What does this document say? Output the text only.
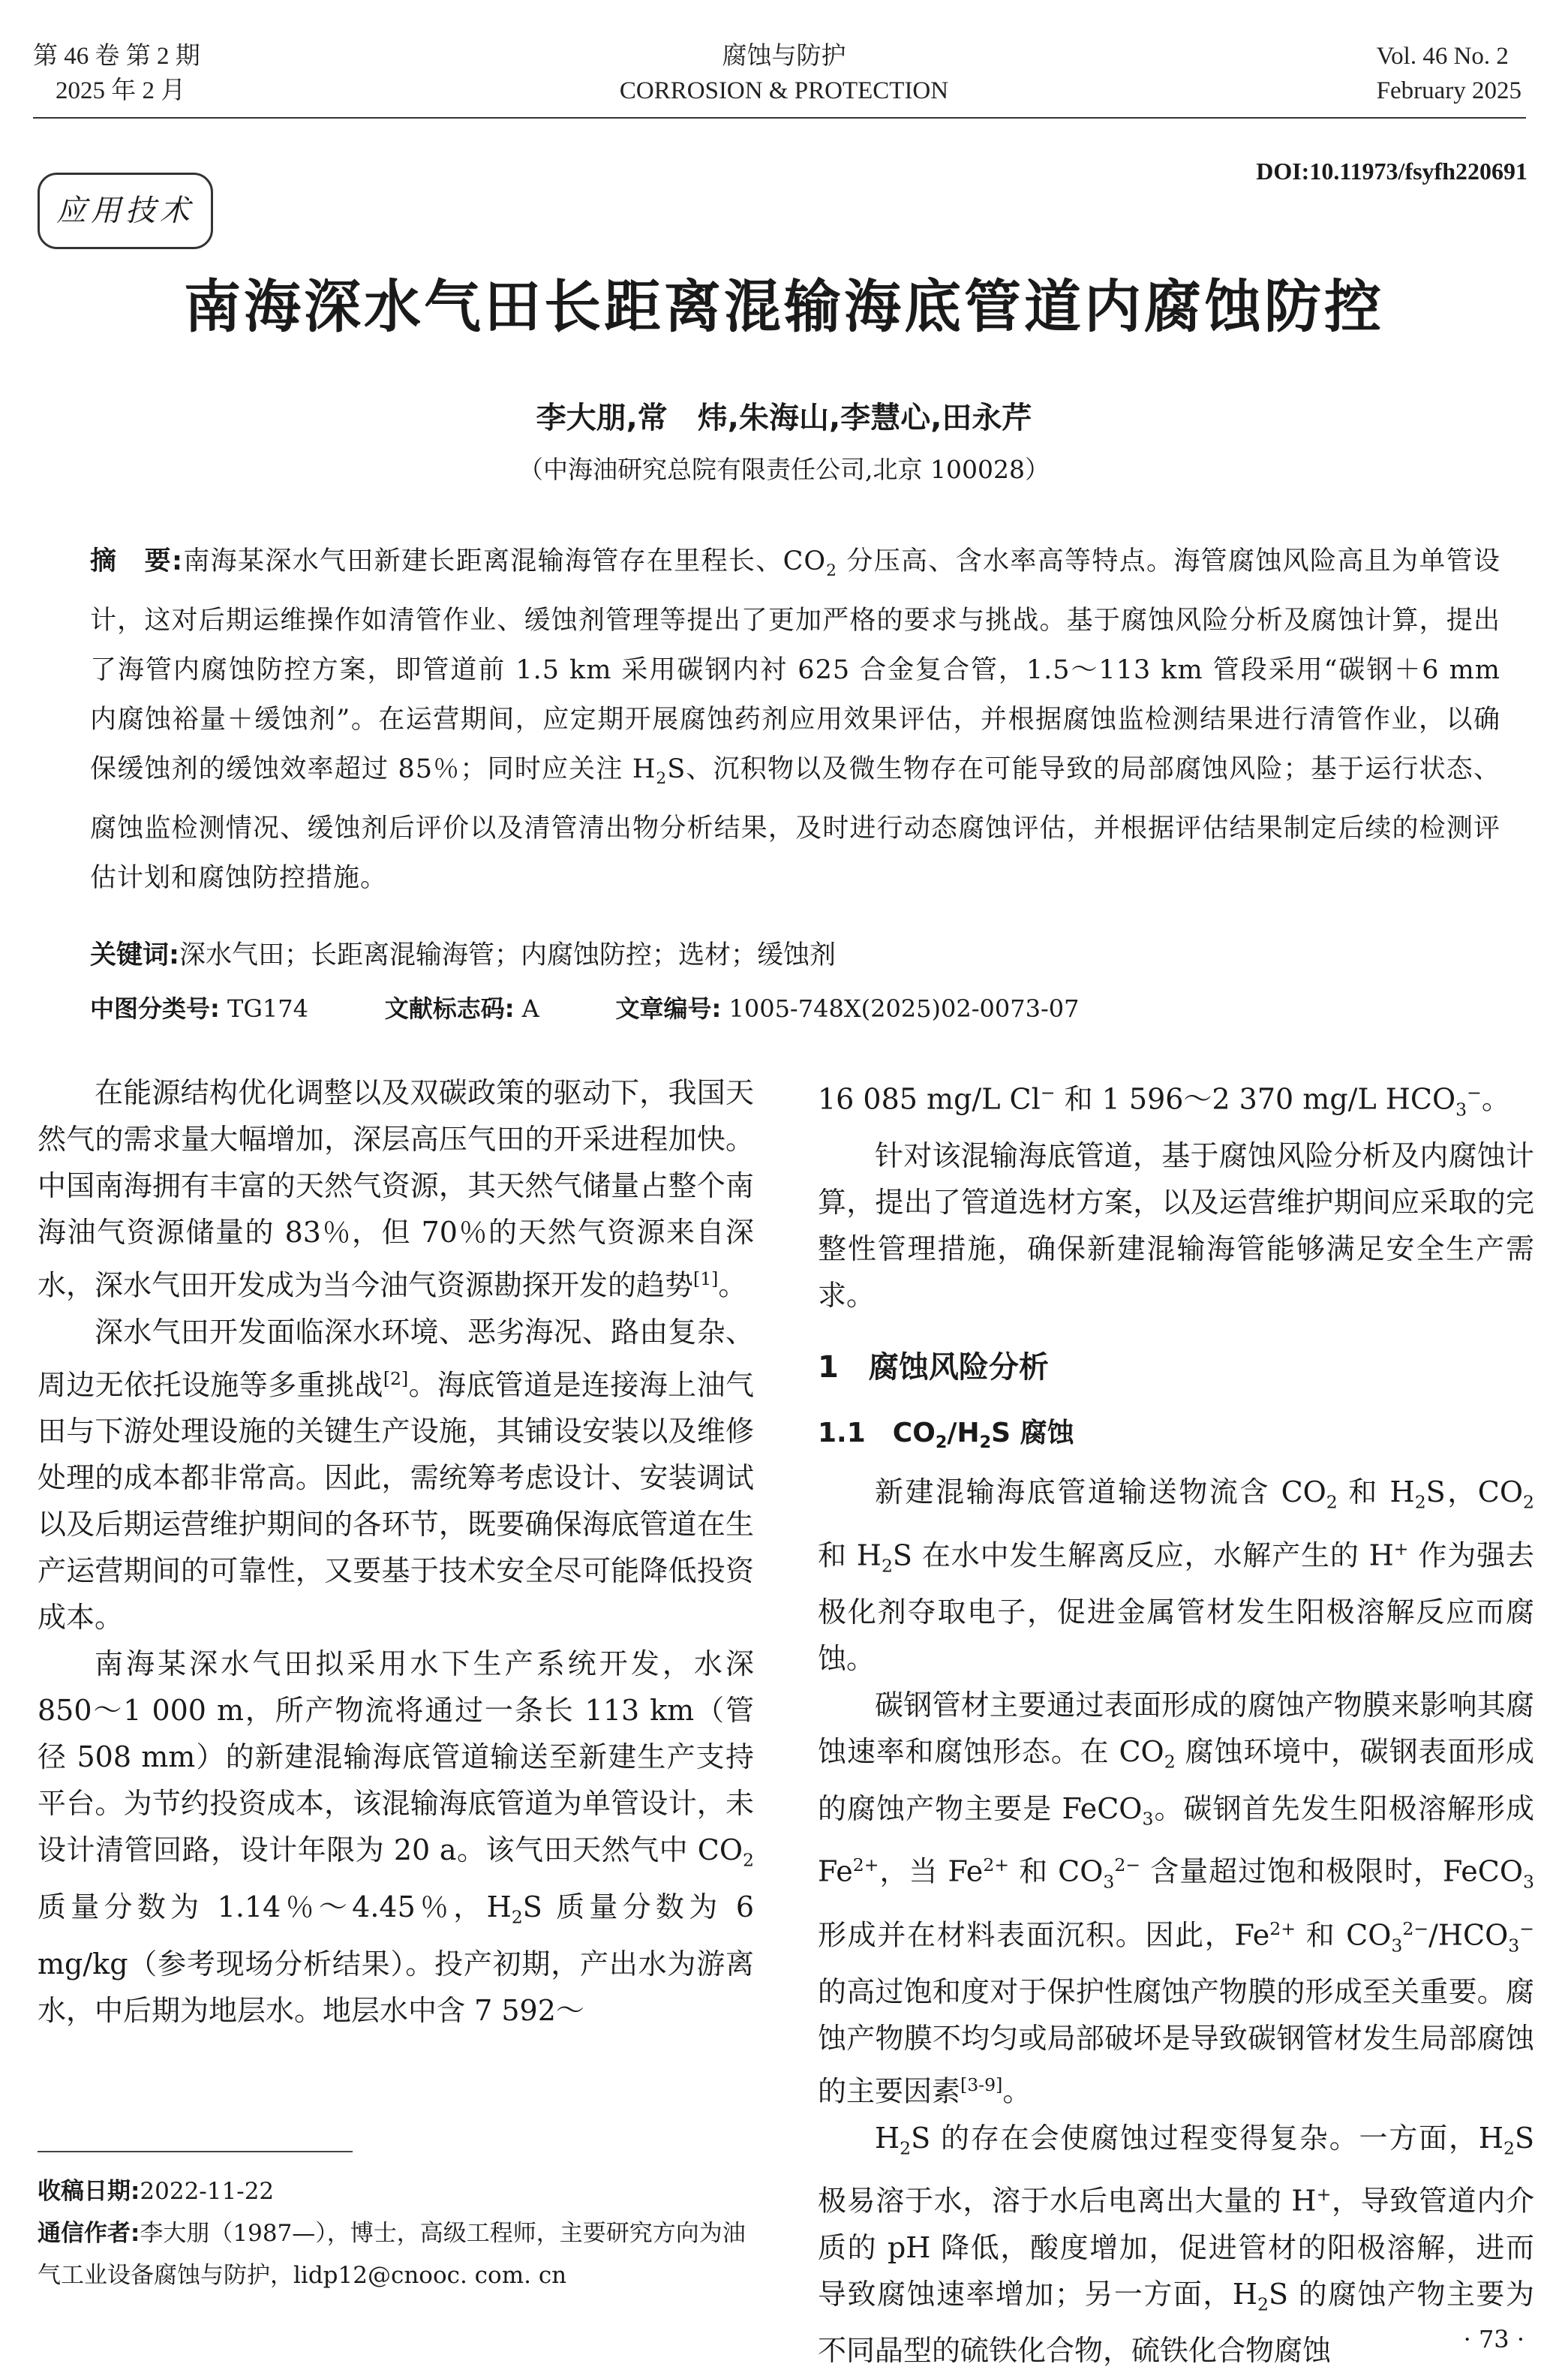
第 46 卷 第 2 期
2025 年 2 月
腐蚀与防护
CORROSION & PROTECTION
Vol. 46 No. 2
February 2025
DOI:10.11973/fsyfh220691
应用技术
南海深水气田长距离混输海底管道内腐蚀防控
李大朋,常　炜,朱海山,李慧心,田永芹
（中海油研究总院有限责任公司,北京 100028）
摘　要:南海某深水气田新建长距离混输海管存在里程长、$CO_2$ 分压高、含水率高等特点。海管腐蚀风险高且为单管设计，这对后期运维操作如清管作业、缓蚀剂管理等提出了更加严格的要求与挑战。基于腐蚀风险分析及腐蚀计算，提出了海管内腐蚀防控方案，即管道前 1.5 km 采用碳钢内衬 625 合金复合管，1.5～113 km 管段采用“碳钢＋6 mm 内腐蚀裕量＋缓蚀剂”。在运营期间，应定期开展腐蚀药剂应用效果评估，并根据腐蚀监检测结果进行清管作业，以确保缓蚀剂的缓蚀效率超过 85％；同时应关注 $H_2S$、沉积物以及微生物存在可能导致的局部腐蚀风险；基于运行状态、腐蚀监检测情况、缓蚀剂后评价以及清管清出物分析结果，及时进行动态腐蚀评估，并根据评估结果制定后续的检测评估计划和腐蚀防控措施。
关键词:深水气田；长距离混输海管；内腐蚀防控；选材；缓蚀剂
中图分类号: TG174	文献标志码: A	文章编号: 1005-748X(2025)02-0073-07

在能源结构优化调整以及双碳政策的驱动下，我国天然气的需求量大幅增加，深层高压气田的开采进程加快。中国南海拥有丰富的天然气资源，其天然气储量占整个南海油气资源储量的 83％，但 70％的天然气资源来自深水，深水气田开发成为当今油气资源勘探开发的趋势[1]。

深水气田开发面临深水环境、恶劣海况、路由复杂、周边无依托设施等多重挑战[2]。海底管道是连接海上油气田与下游处理设施的关键生产设施，其铺设安装以及维修处理的成本都非常高。因此，需统筹考虑设计、安装调试以及后期运营维护期间的各环节，既要确保海底管道在生产运营期间的可靠性，又要基于技术安全尽可能降低投资成本。

南海某深水气田拟采用水下生产系统开发，水深 850～1 000 m，所产物流将通过一条长 113 km（管径 508 mm）的新建混输海底管道输送至新建生产支持平台。为节约投资成本，该混输海底管道为单管设计，未设计清管回路，设计年限为 20 a。该气田天然气中 $CO_2$ 质量分数为 1.14％～4.45％，$H_2S$ 质量分数为 6 mg/kg（参考现场分析结果）。投产初期，产出水为游离水，中后期为地层水。地层水中含 7 592～

收稿日期:2022-11-22
通信作者:李大朋（1987—），博士，高级工程师，主要研究方向为油气工业设备腐蚀与防护，lidp12@cnooc. com. cn

16 085 mg/L Cl− 和 1 596～2 370 mg/L $HCO_3^-$。

针对该混输海底管道，基于腐蚀风险分析及内腐蚀计算，提出了管道选材方案，以及运营维护期间应采取的完整性管理措施，确保新建混输海管能够满足安全生产需求。

1　腐蚀风险分析
1.1　$CO_2/H_2S$ 腐蚀

新建混输海底管道输送物流含 $CO_2$ 和 $H_2S$，$CO_2$ 和 $H_2S$ 在水中发生解离反应，水解产生的 H+ 作为强去极化剂夺取电子，促进金属管材发生阳极溶解反应而腐蚀。

碳钢管材主要通过表面形成的腐蚀产物膜来影响其腐蚀速率和腐蚀形态。在 $CO_2$ 腐蚀环境中，碳钢表面形成的腐蚀产物主要是 FeCO$_3$。碳钢首先发生阳极溶解形成 $Fe^{2+}$，当 $Fe^{2+}$ 和 $CO_3^{2-}$ 含量超过饱和极限时，FeCO$_3$ 形成并在材料表面沉积。因此，$Fe^{2+}$ 和 $CO_3^{2-}/HCO_3^-$ 的高过饱和度对于保护性腐蚀产物膜的形成至关重要。腐蚀产物膜不均匀或局部破坏是导致碳钢管材发生局部腐蚀的主要因素[3-9]。

$H_2S$ 的存在会使腐蚀过程变得复杂。一方面，$H_2S$ 极易溶于水，溶于水后电离出大量的 H+，导致管道内介质的 pH 降低，酸度增加，促进管材的阳极溶解，进而导致腐蚀速率增加；另一方面，$H_2S$ 的腐蚀产物主要为不同晶型的硫铁化合物，硫铁化合物腐蚀	· 73 ·
